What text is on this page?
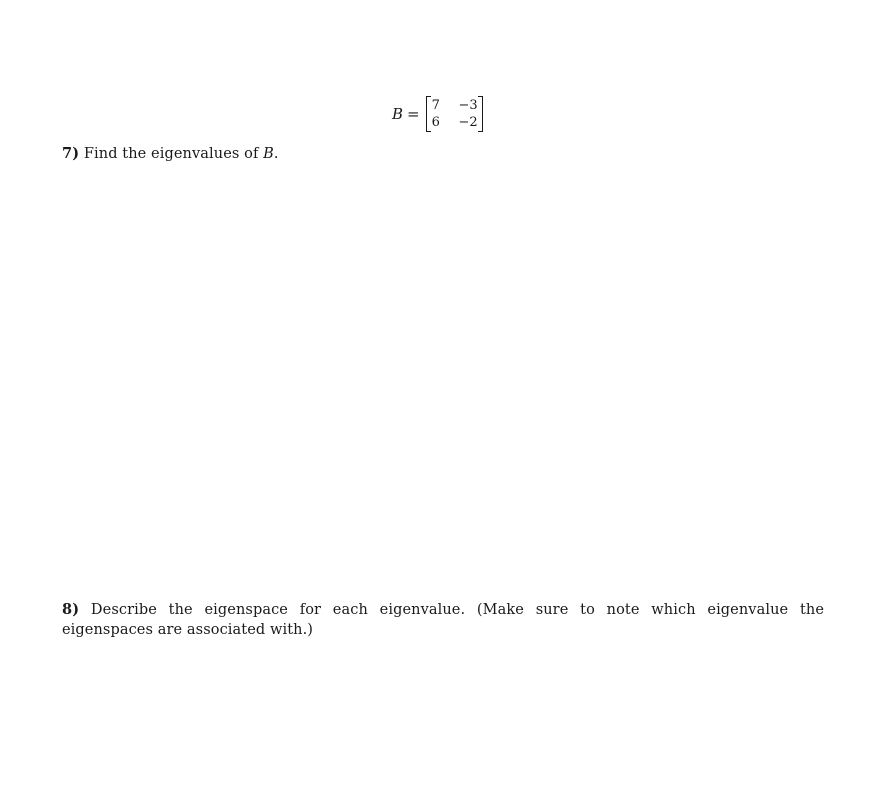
B = 7	−3
6	−2
7) Find the eigenvalues of B.
8) Describe the eigenspace for each eigenvalue. (Make sure to note which eigenvalue the eigenspaces are associated with.)
